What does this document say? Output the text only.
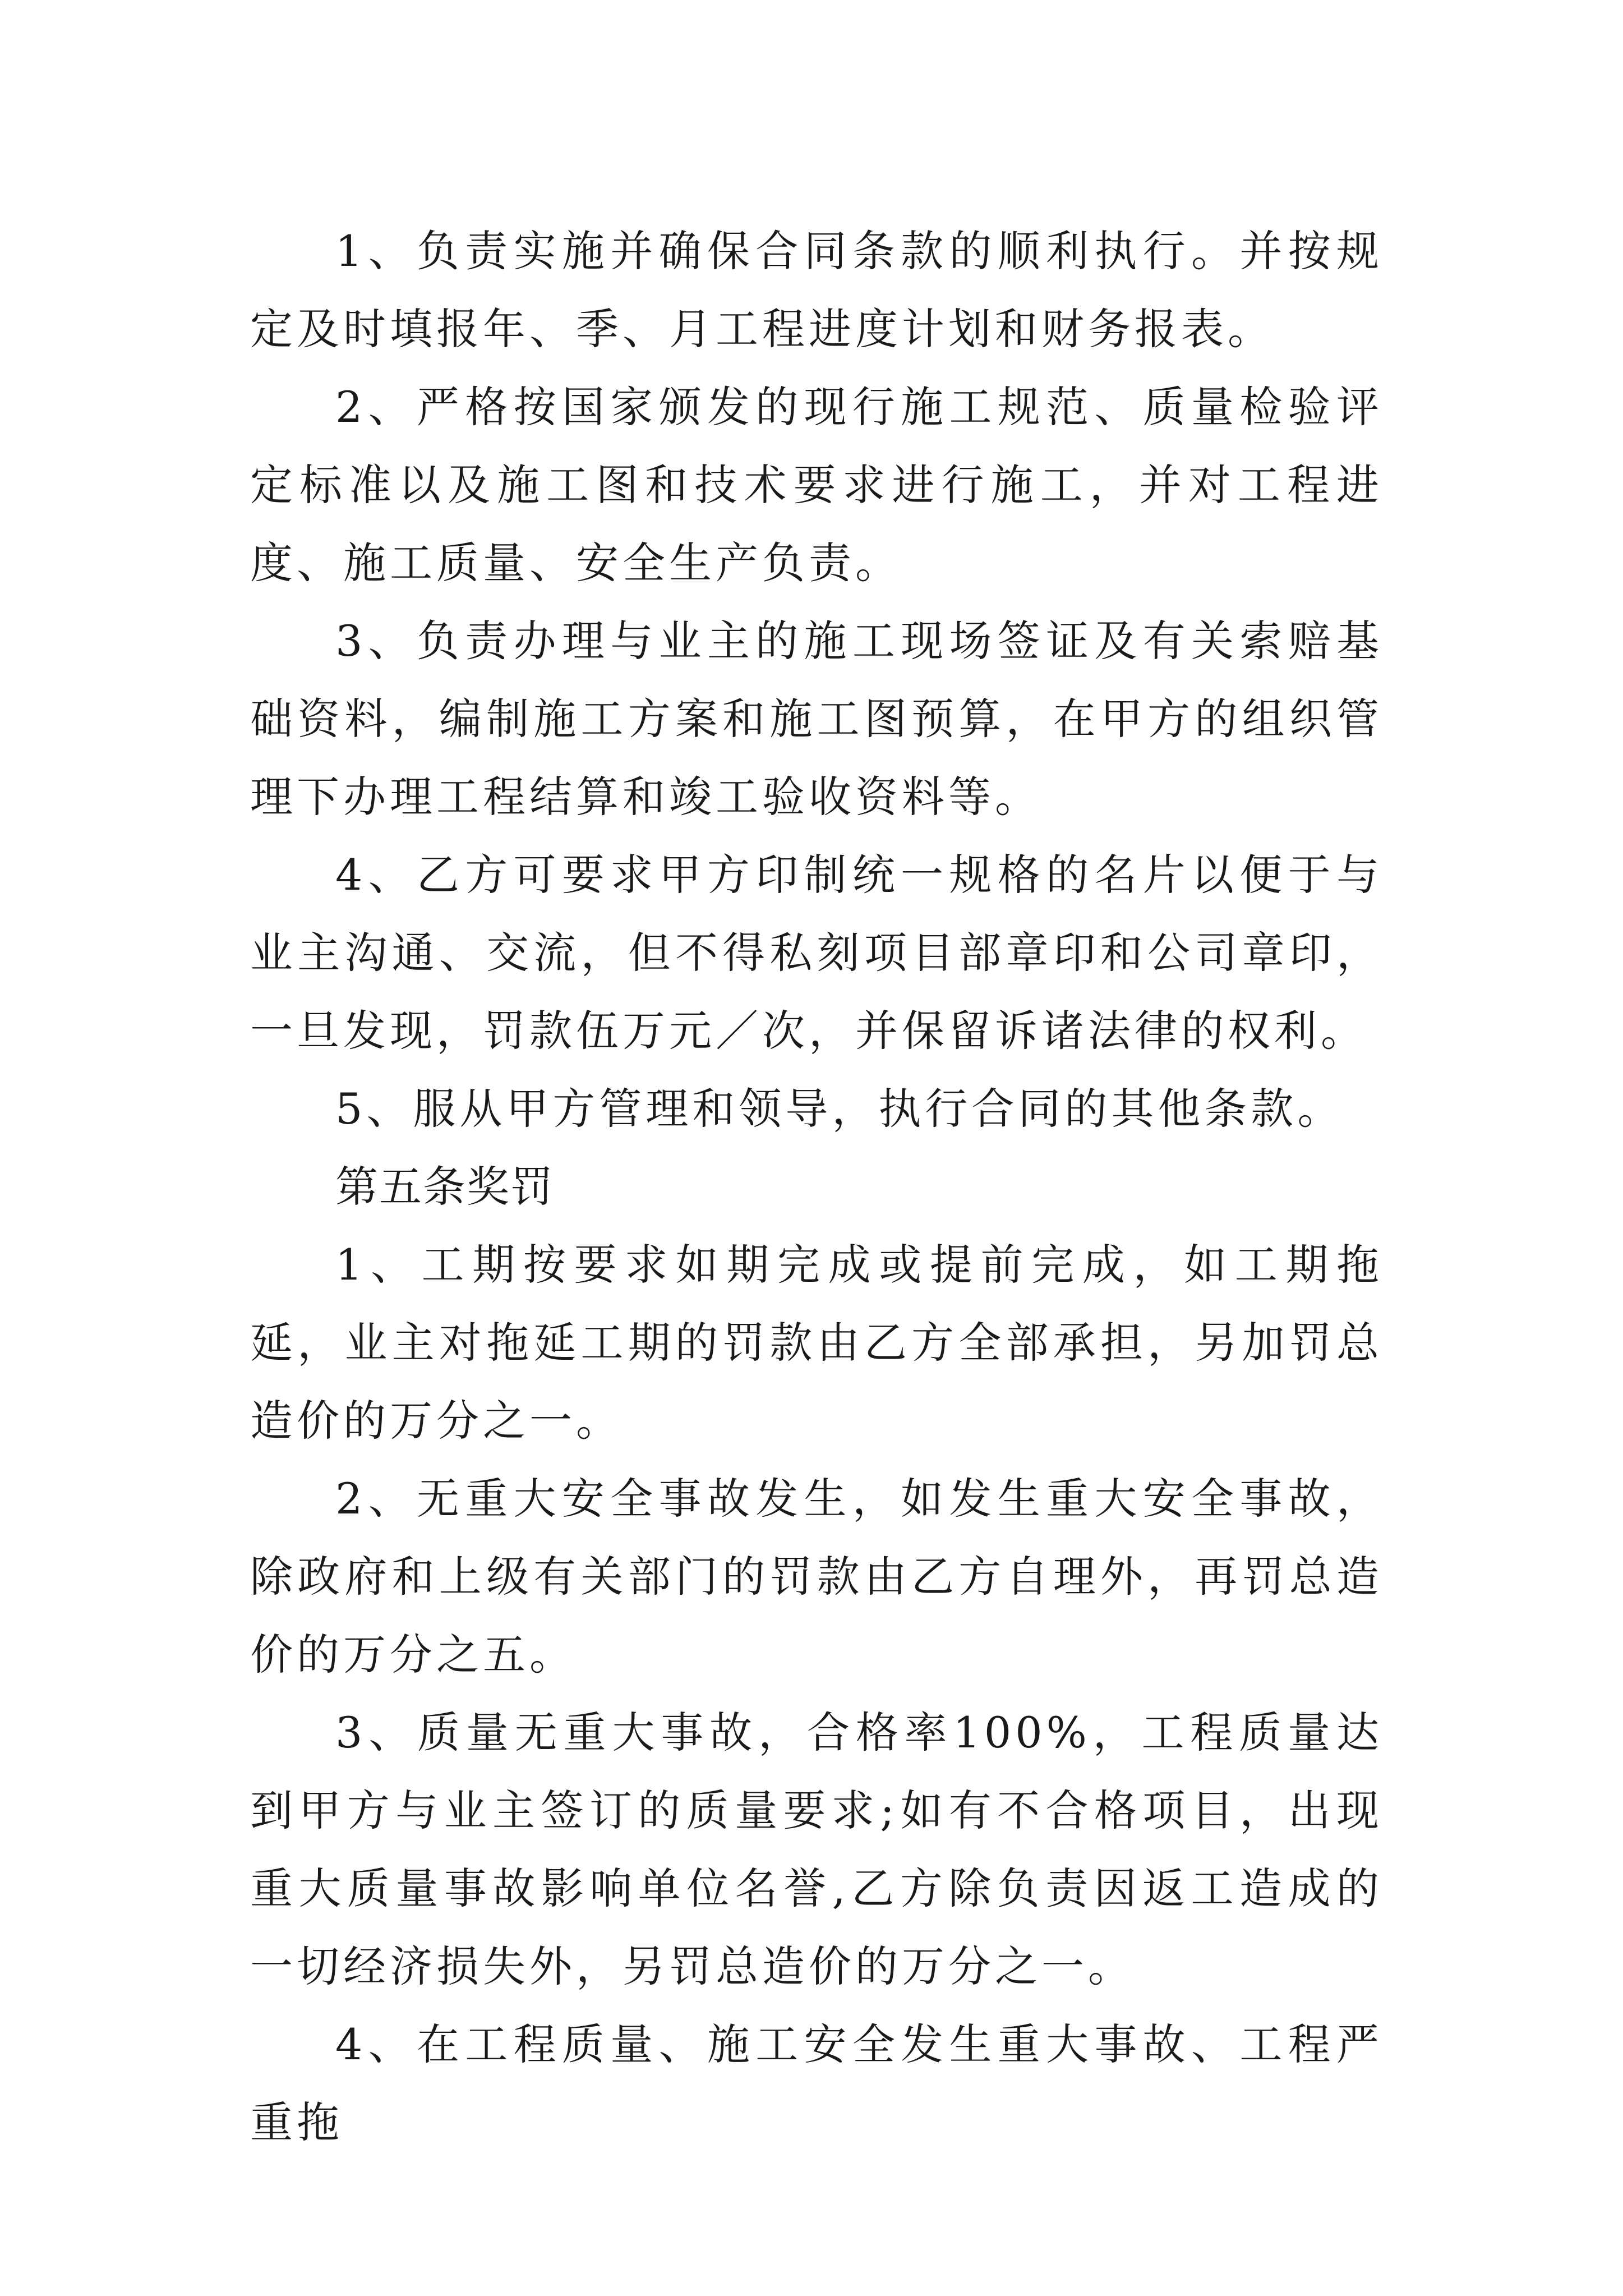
1、负责实施并确保合同条款的顺利执行。并按规定及时填报年、季、月工程进度计划和财务报表。

2、严格按国家颁发的现行施工规范、质量检验评定标准以及施工图和技术要求进行施工，并对工程进度、施工质量、安全生产负责。

3、负责办理与业主的施工现场签证及有关索赔基础资料，编制施工方案和施工图预算，在甲方的组织管理下办理工程结算和竣工验收资料等。

4、乙方可要求甲方印制统一规格的名片以便于与业主沟通、交流，但不得私刻项目部章印和公司章印，一旦发现，罚款伍万元／次，并保留诉诸法律的权利。

5、服从甲方管理和领导，执行合同的其他条款。

第五条奖罚

1、工期按要求如期完成或提前完成，如工期拖延，业主对拖延工期的罚款由乙方全部承担，另加罚总造价的万分之一。

2、无重大安全事故发生，如发生重大安全事故，除政府和上级有关部门的罚款由乙方自理外，再罚总造价的万分之五。

3、质量无重大事故，合格率100%，工程质量达到甲方与业主签订的质量要求;如有不合格项目，出现重大质量事故影响单位名誉,乙方除负责因返工造成的一切经济损失外，另罚总造价的万分之一。

4、在工程质量、施工安全发生重大事故、工程严重拖
